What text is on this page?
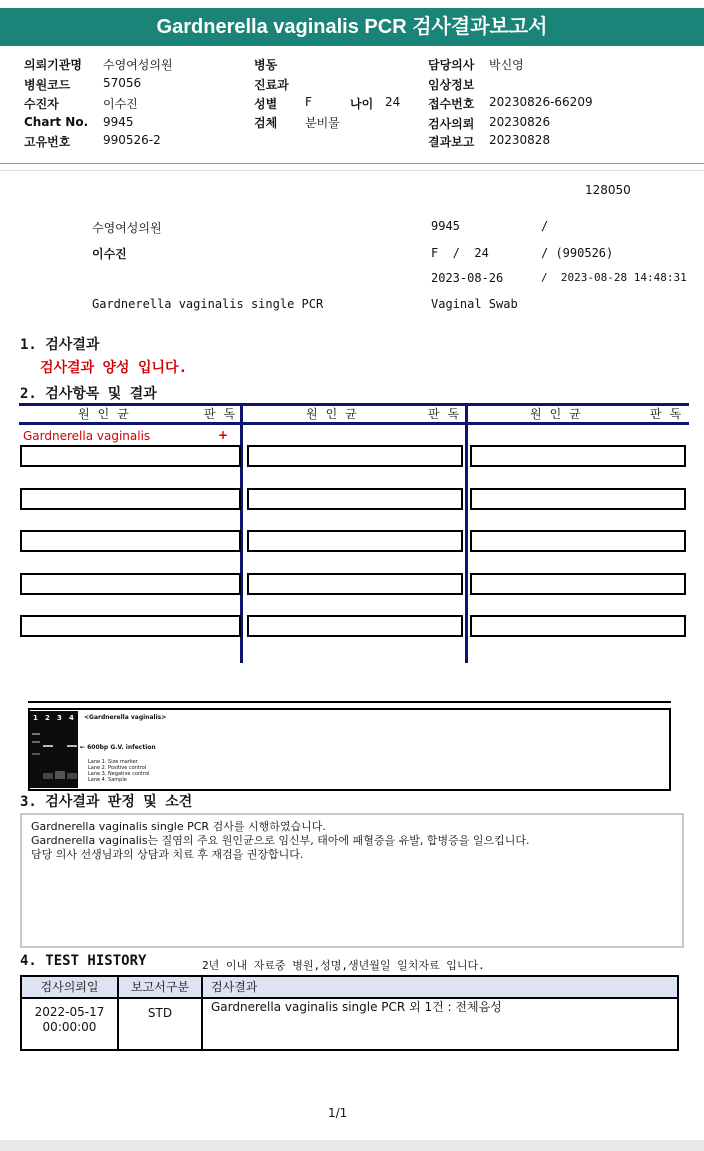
Gardnerella vaginalis PCR 검사결과보고서
의뢰기관명 수영여성의원
병원코드	57056
수진자	이수진
Chart No. 9945
고유번호	990526-2
병동
진료과
성별 F	나이 24
검체 분비물
담당의사 박신영
임상정보
접수번호 20230826-66209
검사의뢰 20230826
결과보고 20230828
128050
수영여성의원	9945	/
이수진	F  /  24	/ (990526)
2023-08-26	/  2023-08-28 14:48:31
Gardnerella vaginalis single PCR	Vaginal Swab
1. 검사결과
검사결과 양성 입니다.
2. 검사항목 및 결과
원인균	판독	원인균	판독	원인균	판독
Gardnerella vaginalis	+
1 2 3 4 <Gardnerella vaginalis>
← 600bp G.V. infection
Lane 1. Size marker
Lane 2. Positive control
Lane 3. Negative control
Lane 4. Sample
3. 검사결과 판정 및 소견
Gardnerella vaginalis single PCR 검사를 시행하였습니다.
Gardnerella vaginalis는 질염의 주요 원인균으로 임신부, 태아에 패혈증을 유발, 합병증을 일으킵니다.
담당 의사 선생님과의 상담과 치료 후 재검을 권장합니다.
4. TEST HISTORY	2년 이내 자료중 병원,성명,생년월일 일치자료 입니다.
검사의뢰일	보고서구분	검사결과
2022-05-17
00:00:00
STD	Gardnerella vaginalis single PCR 외 1건 : 전체음성
1/1
